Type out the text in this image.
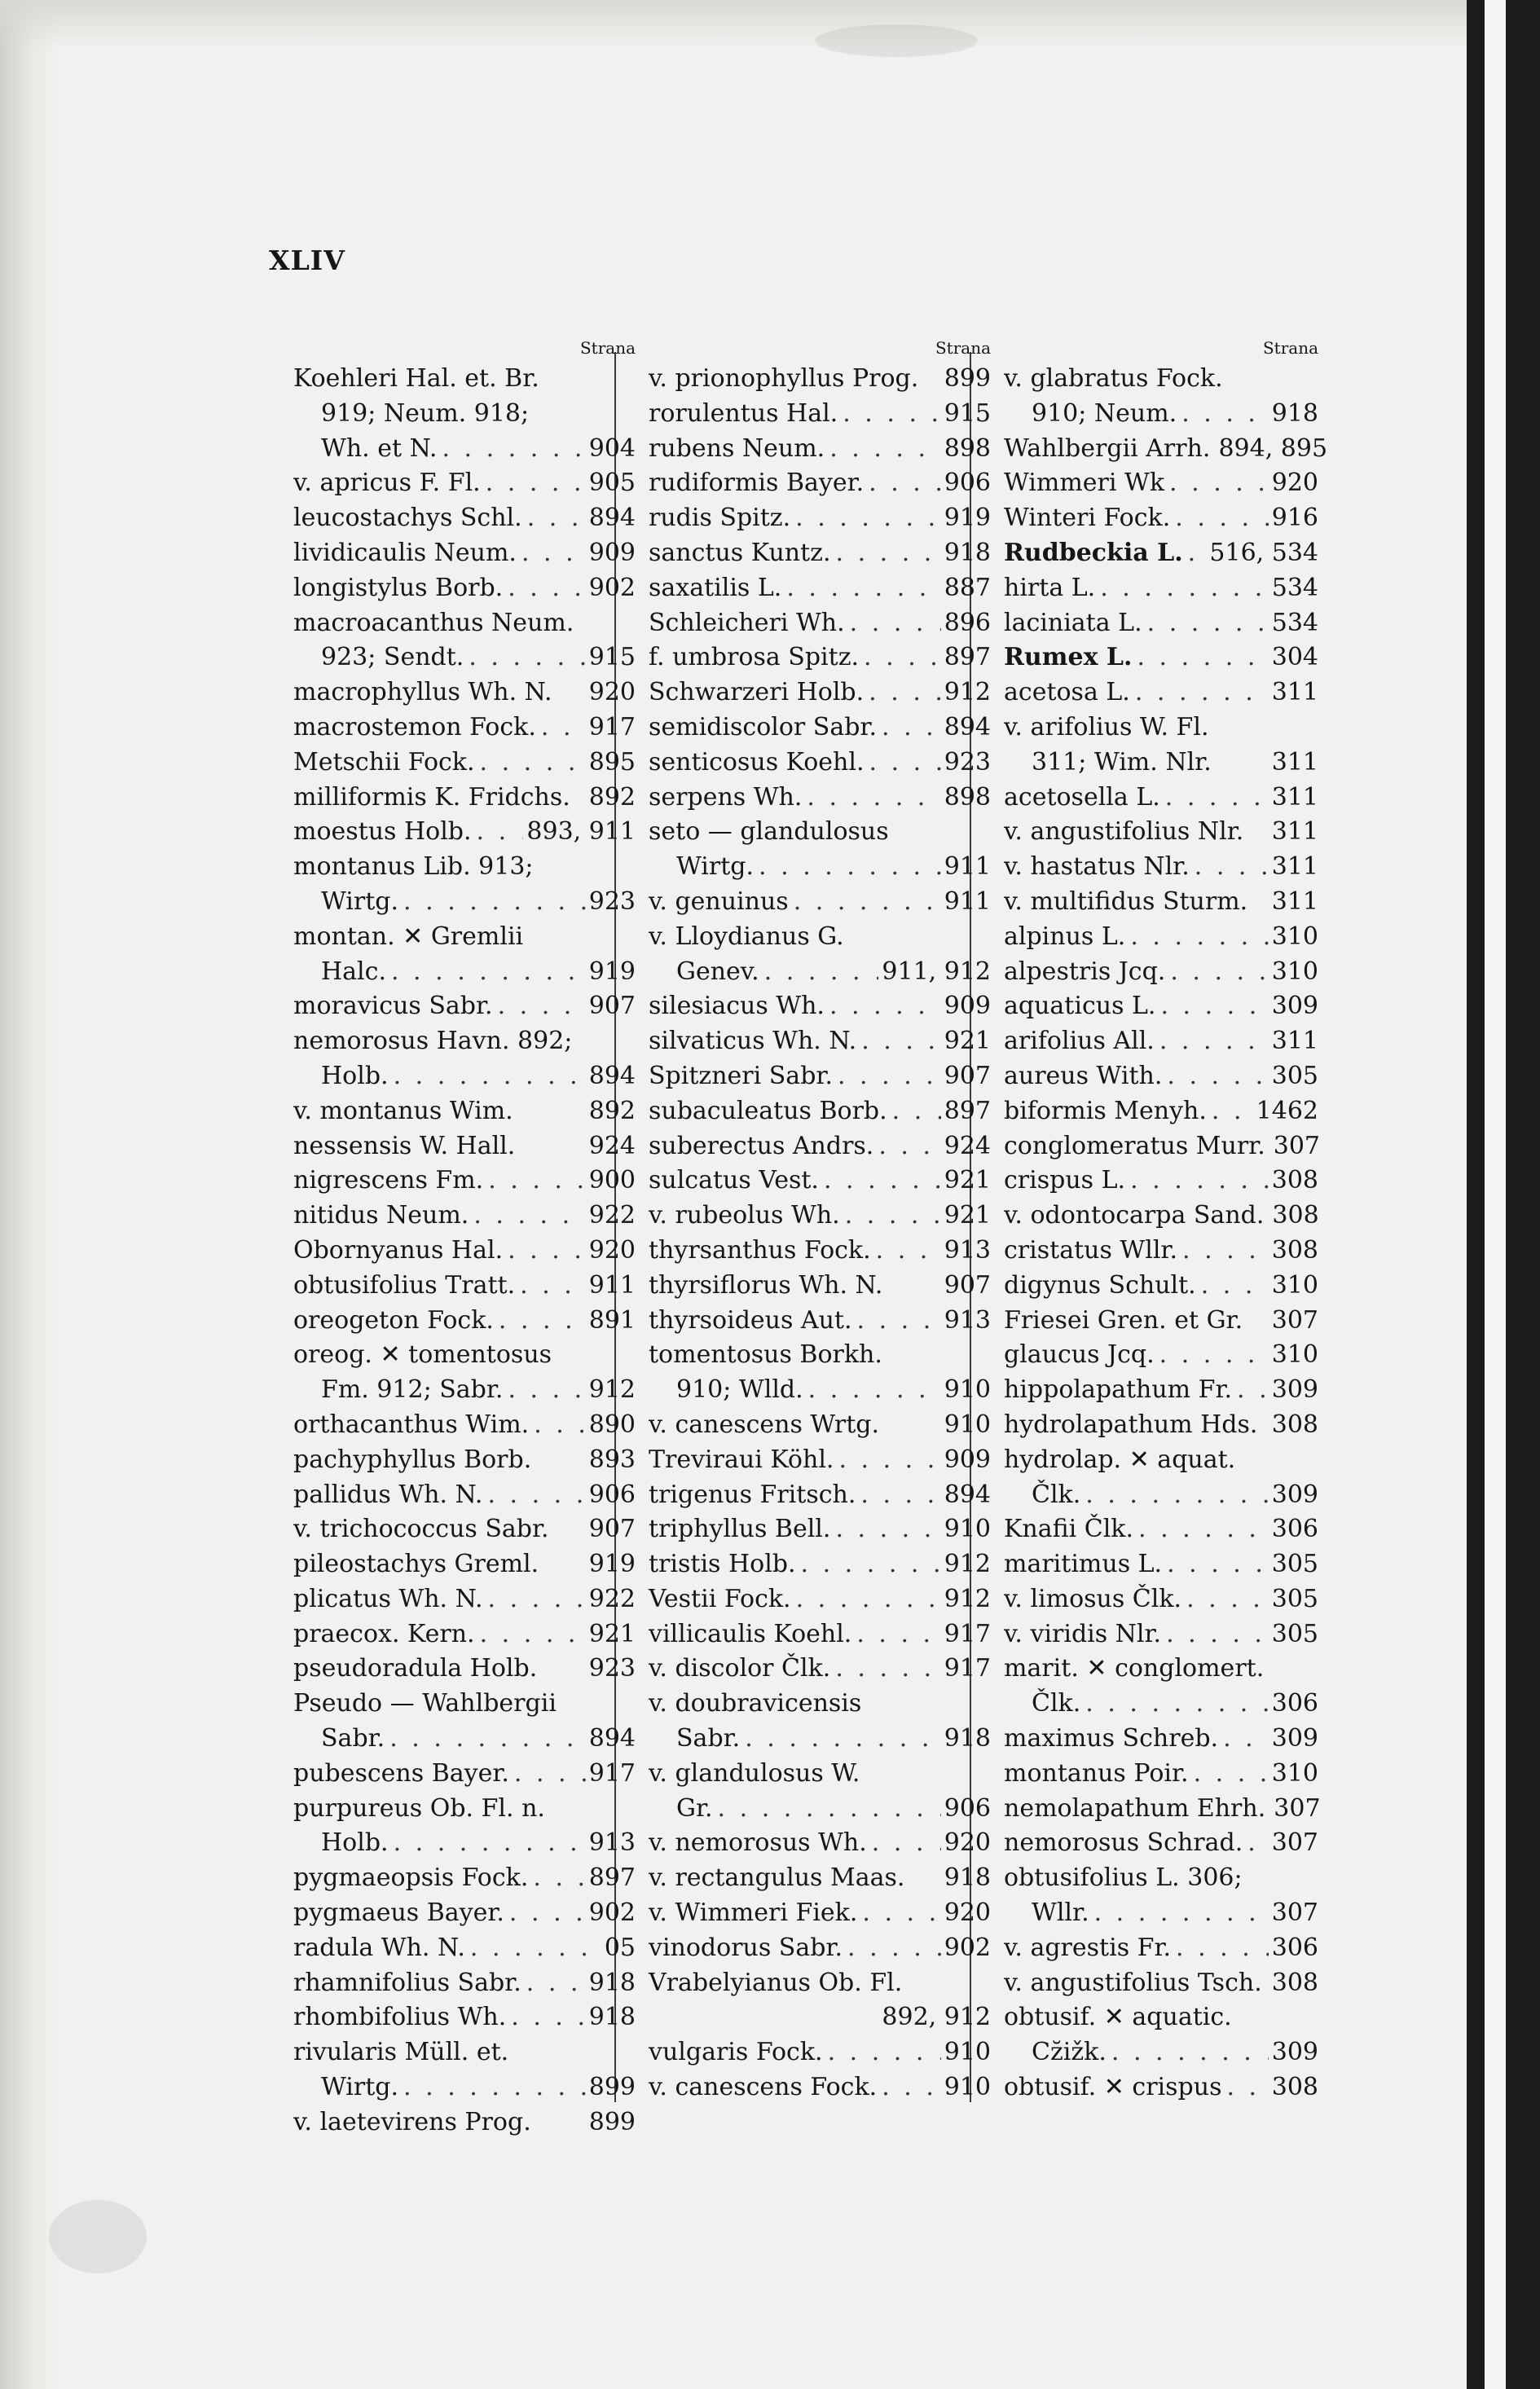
XLIV
Strana
Koehleri Hal. et. Br.
919; Neum. 918;
Wh. et N. . . .	904
v. apricus F. Fl. . . .	905
leucostachys Schl. . . .	894
lividicaulis Neum. . . .	909
longistylus Borb. . . .	902
macroacanthus Neum.
923; Sendt. . . .	915
macrophyllus Wh. N. 920
macrostemon Fock. . . . 917
Metschii Fock. . . .	895
milliformis K. Fridchs. 892
moestus Holb. . . . 893, 911
montanus Lib. 913;
Wirtg. . . .	923
montan. ✕ Gremlii
Halc. . . .	919
moravicus Sabr. . . .	907
nemorosus Havn. 892;
Holb. . . .	894
v. montanus Wim.	892
nessensis W. Hall.	924
nigrescens Fm. . . .	900
nitidus Neum. . . .	922
Obornyanus Hal. . . .	920
obtusifolius Tratt. . . .	911
oreogeton Fock. . . .	891
oreog. ✕ tomentosus
Fm. 912; Sabr. . . .	912
orthacanthus Wim. . . . 890
pachyphyllus Borb. 893
pallidus Wh. N. . . .	906
v. trichococcus Sabr. 907
pileostachys Greml. 919
plicatus Wh. N. . . .	922
praecox. Kern. . . .	921
pseudoradula Holb. 923
Pseudo — Wahlbergii
Sabr. . . .	894
pubescens Bayer. . . .	917
purpureus Ob. Fl. n.
Holb. . . .	913
pygmaeopsis Fock. . . . 897
pygmaeus Bayer. . . .	902
radula Wh. N. . . .	05
rhamnifolius Sabr. . . .	918
rhombifolius Wh. . . .	918
rivularis Müll. et.
Wirtg. . . .	899
v. laetevirens Prog. 899
Strana
v. prionophyllus Prog. 899
rorulentus Hal. . . .	915
rubens Neum. . . .	898
rudiformis Bayer. . . .	906
rudis Spitz. . . .	919
sanctus Kuntz. . . .	918
saxatilis L. . . .	887
Schleicheri Wh. . . .	896
f. umbrosa Spitz. . . .	897
Schwarzeri Holb. . . .	912
semidiscolor Sabr. . . .	894
senticosus Koehl. . . .	923
serpens Wh. . . .	898
seto — glandulosus
Wirtg. . . .	911
v. genuinus . . .	911
v. Lloydianus G.
Genev. . . .	911, 912
silesiacus Wh. . . .	909
silvaticus Wh. N. . . .	921
Spitzneri Sabr. . . .	907
subaculeatus Borb. . . . 897
suberectus Andrs. . . .	924
sulcatus Vest. . . .	921
v. rubeolus Wh. . . .	921
thyrsanthus Fock. . . .	913
thyrsiflorus Wh. N.	907
thyrsoideus Aut. . . .	913
tomentosus Borkh.
910; Wlld. . . .	910
v. canescens Wrtg.	910
Treviraui Köhl. . . .	909
trigenus Fritsch. . . .	894
triphyllus Bell. . . .	910
tristis Holb. . . .	912
Vestii Fock. . . .	912
villicaulis Koehl. . . .	917
v. discolor Člk. . . .	917
v. doubravicensis
Sabr. . . .	918
v. glandulosus W.
Gr. . . .	906
v. nemorosus Wh. . . .	920
v. rectangulus Maas. 918
v. Wimmeri Fiek. . . .	920
vinodorus Sabr. . . .	902
Vrabelyianus Ob. Fl.
892, 912
vulgaris Fock. . . .	910
v. canescens Fock. . . .	910
Strana
v. glabratus Fock.
910; Neum. . . .	918
Wahlbergii Arrh. 894, 895
Wimmeri Wk . . .	920
Winteri Fock. . . .	916
Rudbeckia L. . . . 516, 534
hirta L. . . .	534
laciniata L. . . .	534
Rumex L. . . .	304
acetosa L. . . .	311
v. arifolius W. Fl.
311; Wim. Nlr. 311
acetosella L. . . .	311
v. angustifolius Nlr. 311
v. hastatus Nlr. . . .	311
v. multifidus Sturm. 311
alpinus L. . . .	310
alpestris Jcq. . . .	310
aquaticus L. . . .	309
arifolius All. . . .	311
aureus With. . . .	305
biformis Menyh. . . . 1462
conglomeratus Murr. 307
crispus L. . . .	308
v. odontocarpa Sand. 308
cristatus Wllr. . . .	308
digynus Schult. . . .	310
Friesei Gren. et Gr. 307
glaucus Jcq. . . .	310
hippolapathum Fr. . . . 309
hydrolapathum Hds. 308
hydrolap. ✕ aquat.
Člk. . . .	309
Knafii Člk. . . .	306
maritimus L. . . .	305
v. limosus Člk. . . .	305
v. viridis Nlr. . . .	305
marit. ✕ conglomert.
Člk. . . .	306
maximus Schreb. . . . 309
montanus Poir. . . .	310
nemolapathum Ehrh. 307
nemorosus Schrad. . . . 307
obtusifolius L. 306;
Wllr. . . .	307
v. agrestis Fr. . . .	306
v. angustifolius Tsch. 308
obtusif. ✕ aquatic.
Cz̆ižk. . . .	309
obtusif. ✕ crispus . . . 308
